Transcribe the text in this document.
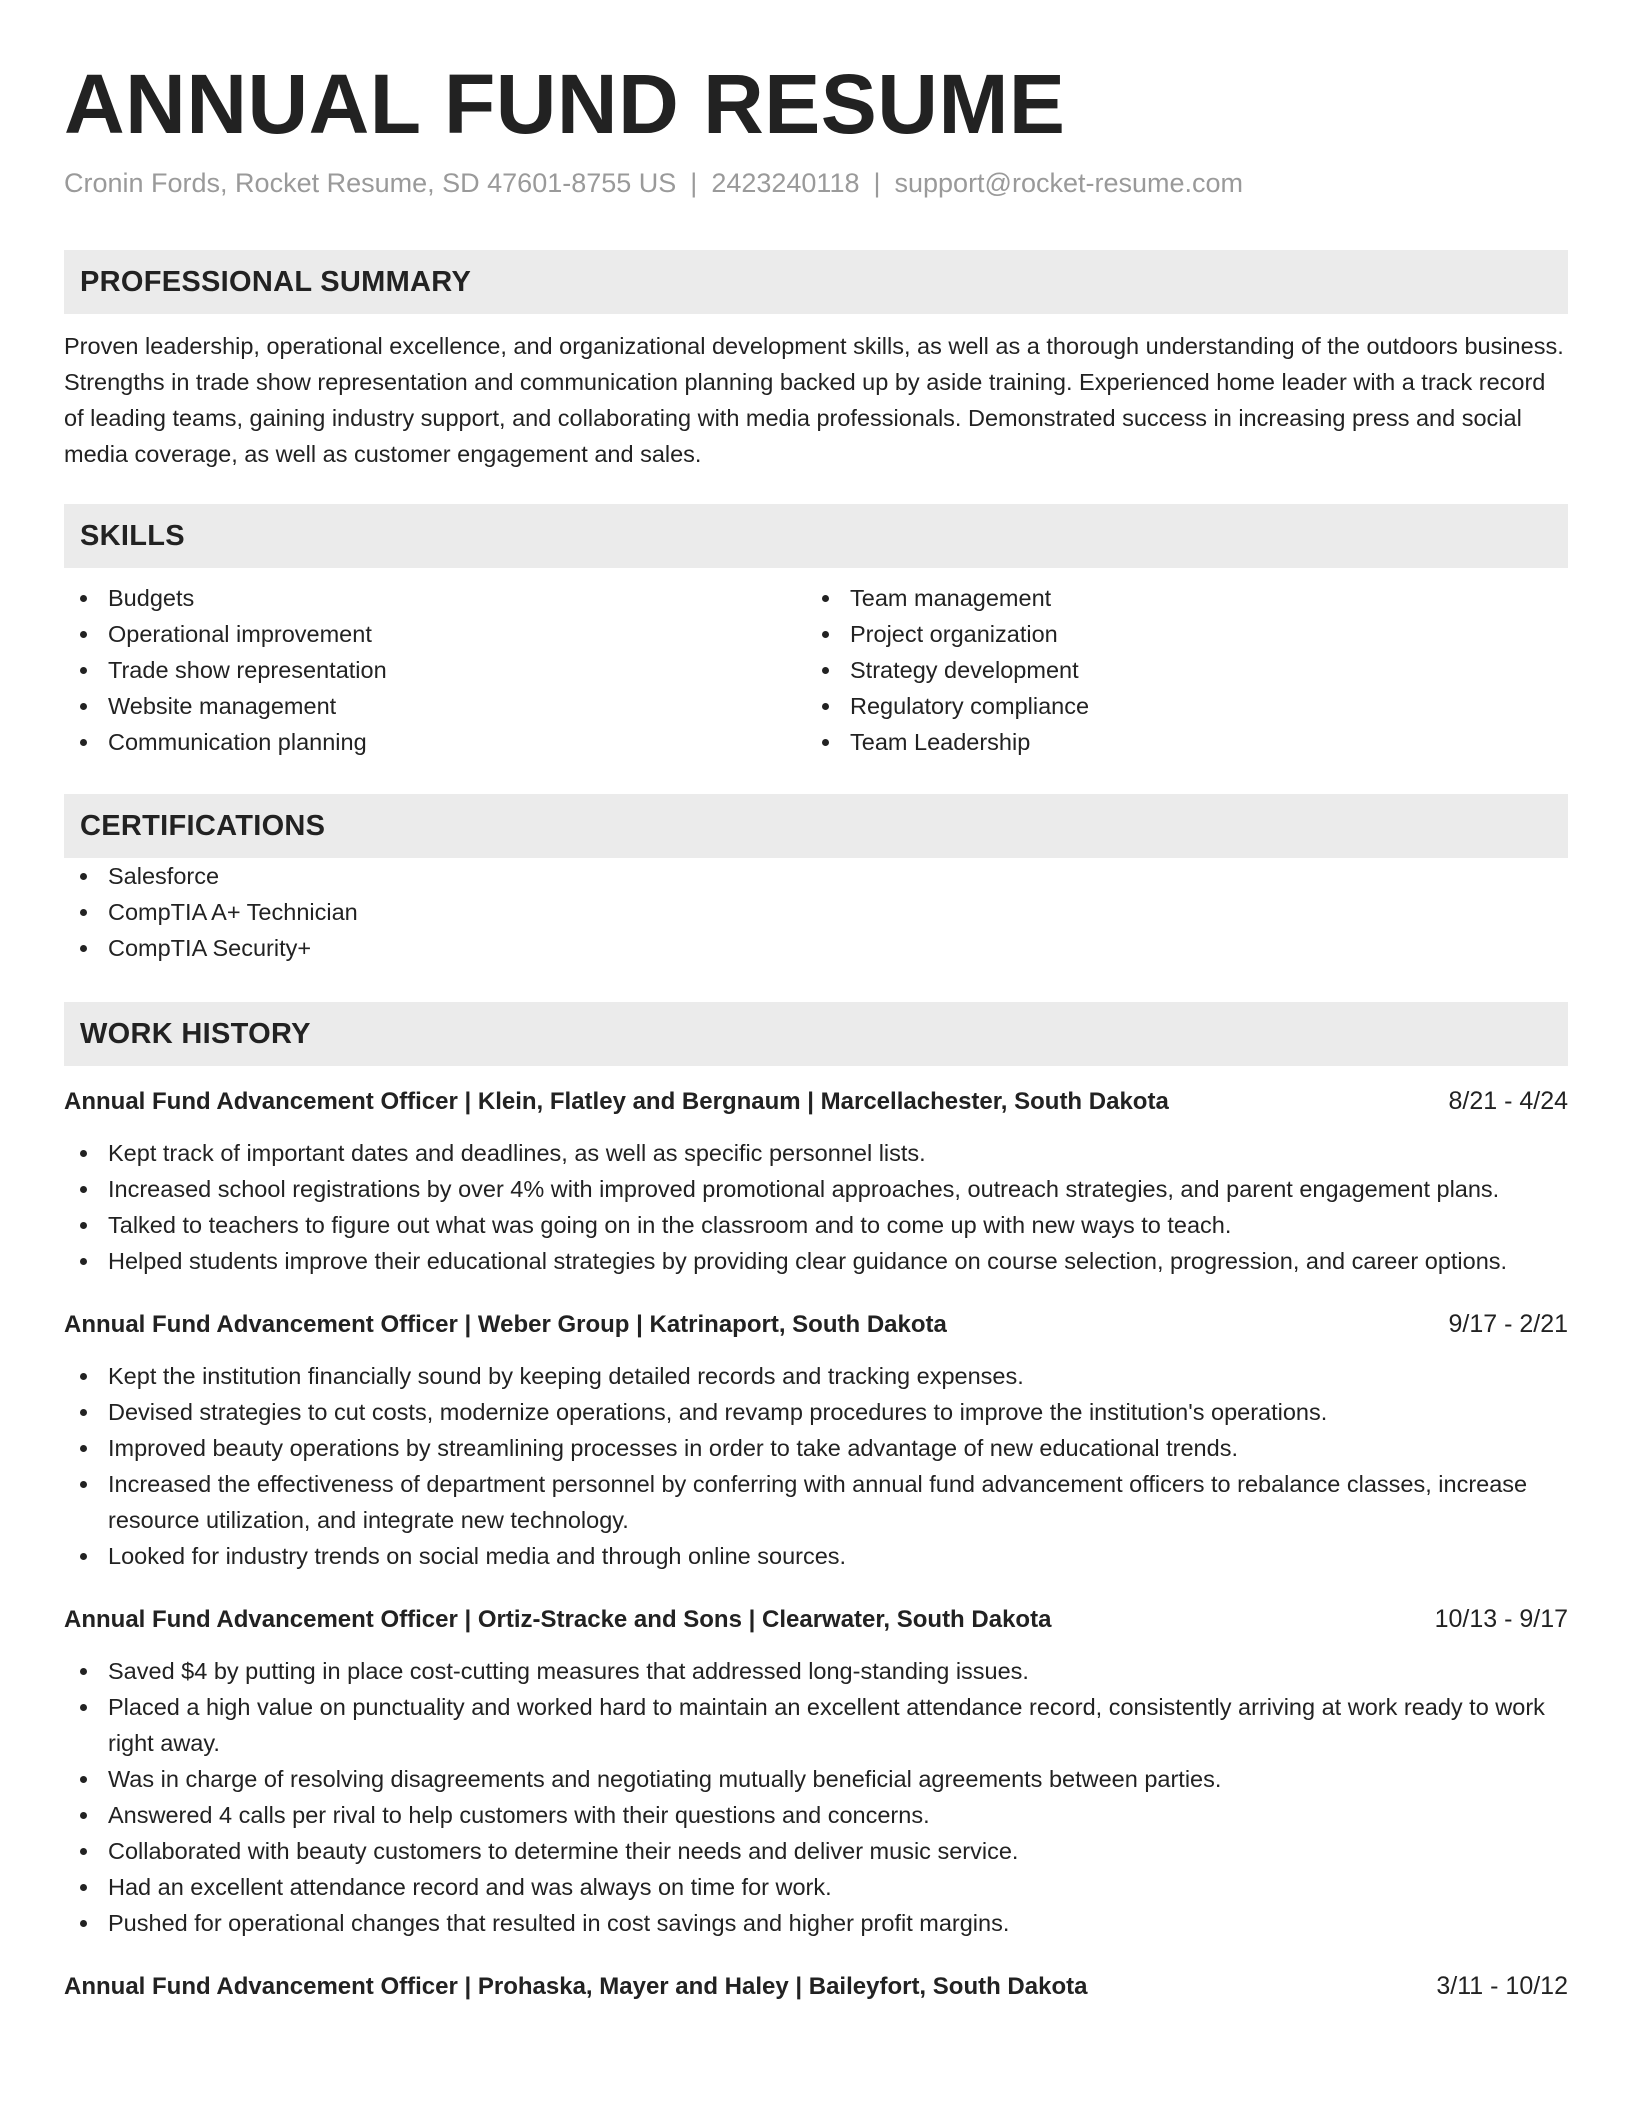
ANNUAL FUND RESUME
Cronin Fords, Rocket Resume, SD 47601-8755 US | 2423240118 | support@rocket-resume.com
PROFESSIONAL SUMMARY
Proven leadership, operational excellence, and organizational development skills, as well as a thorough understanding of the outdoors business. Strengths in trade show representation and communication planning backed up by aside training. Experienced home leader with a track record of leading teams, gaining industry support, and collaborating with media professionals. Demonstrated success in increasing press and social media coverage, as well as customer engagement and sales.
SKILLS
Budgets
Operational improvement
Trade show representation
Website management
Communication planning
Team management
Project organization
Strategy development
Regulatory compliance
Team Leadership
CERTIFICATIONS
Salesforce
CompTIA A+ Technician
CompTIA Security+
WORK HISTORY
Annual Fund Advancement Officer | Klein, Flatley and Bergnaum | Marcellachester, South Dakota	8/21 - 4/24
Kept track of important dates and deadlines, as well as specific personnel lists.
Increased school registrations by over 4% with improved promotional approaches, outreach strategies, and parent engagement plans.
Talked to teachers to figure out what was going on in the classroom and to come up with new ways to teach.
Helped students improve their educational strategies by providing clear guidance on course selection, progression, and career options.
Annual Fund Advancement Officer | Weber Group | Katrinaport, South Dakota	9/17 - 2/21
Kept the institution financially sound by keeping detailed records and tracking expenses.
Devised strategies to cut costs, modernize operations, and revamp procedures to improve the institution's operations.
Improved beauty operations by streamlining processes in order to take advantage of new educational trends.
Increased the effectiveness of department personnel by conferring with annual fund advancement officers to rebalance classes, increase resource utilization, and integrate new technology.
Looked for industry trends on social media and through online sources.
Annual Fund Advancement Officer | Ortiz-Stracke and Sons | Clearwater, South Dakota	10/13 - 9/17
Saved $4 by putting in place cost-cutting measures that addressed long-standing issues.
Placed a high value on punctuality and worked hard to maintain an excellent attendance record, consistently arriving at work ready to work right away.
Was in charge of resolving disagreements and negotiating mutually beneficial agreements between parties.
Answered 4 calls per rival to help customers with their questions and concerns.
Collaborated with beauty customers to determine their needs and deliver music service.
Had an excellent attendance record and was always on time for work.
Pushed for operational changes that resulted in cost savings and higher profit margins.
Annual Fund Advancement Officer | Prohaska, Mayer and Haley | Baileyfort, South Dakota	3/11 - 10/12
